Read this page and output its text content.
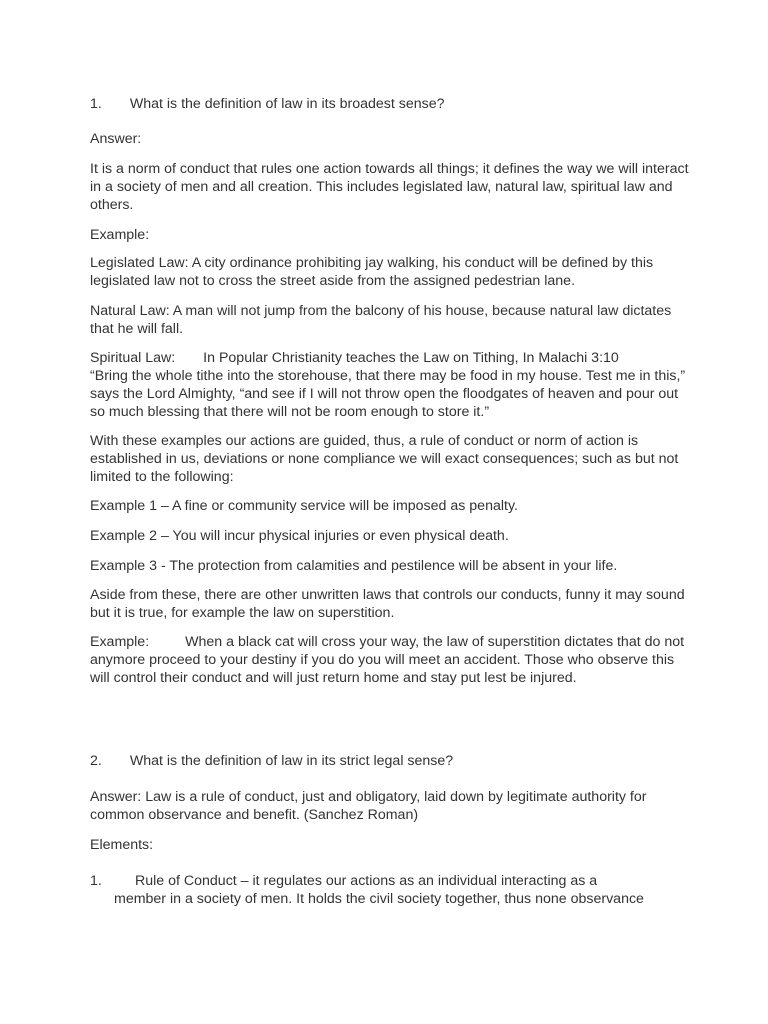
1. What is the definition of law in its broadest sense?

Answer:

It is a norm of conduct that rules one action towards all things; it defines the way we will interact in a society of men and all creation. This includes legislated law, natural law, spiritual law and others.

Example:

Legislated Law: A city ordinance prohibiting jay walking, his conduct will be defined by this legislated law not to cross the street aside from the assigned pedestrian lane.

Natural Law: A man will not jump from the balcony of his house, because natural law dictates that he will fall.

Spiritual Law: In Popular Christianity teaches the Law on Tithing, In Malachi 3:10
“Bring the whole tithe into the storehouse, that there may be food in my house. Test me in this,” says the Lord Almighty, “and see if I will not throw open the floodgates of heaven and pour out so much blessing that there will not be room enough to store it.”

With these examples our actions are guided, thus, a rule of conduct or norm of action is established in us, deviations or none compliance we will exact consequences; such as but not limited to the following:

Example 1 – A fine or community service will be imposed as penalty.

Example 2 – You will incur physical injuries or even physical death.

Example 3 - The protection from calamities and pestilence will be absent in your life.

Aside from these, there are other unwritten laws that controls our conducts, funny it may sound but it is true, for example the law on superstition.

Example:	When a black cat will cross your way, the law of superstition dictates that do not anymore proceed to your destiny if you do you will meet an accident. Those who observe this will control their conduct and will just return home and stay put lest be injured.
2. What is the definition of law in its strict legal sense?

Answer: Law is a rule of conduct, just and obligatory, laid down by legitimate authority for common observance and benefit. (Sanchez Roman)

Elements:

1.	Rule of Conduct – it regulates our actions as an individual interacting as a
member in a society of men. It holds the civil society together, thus none observance
